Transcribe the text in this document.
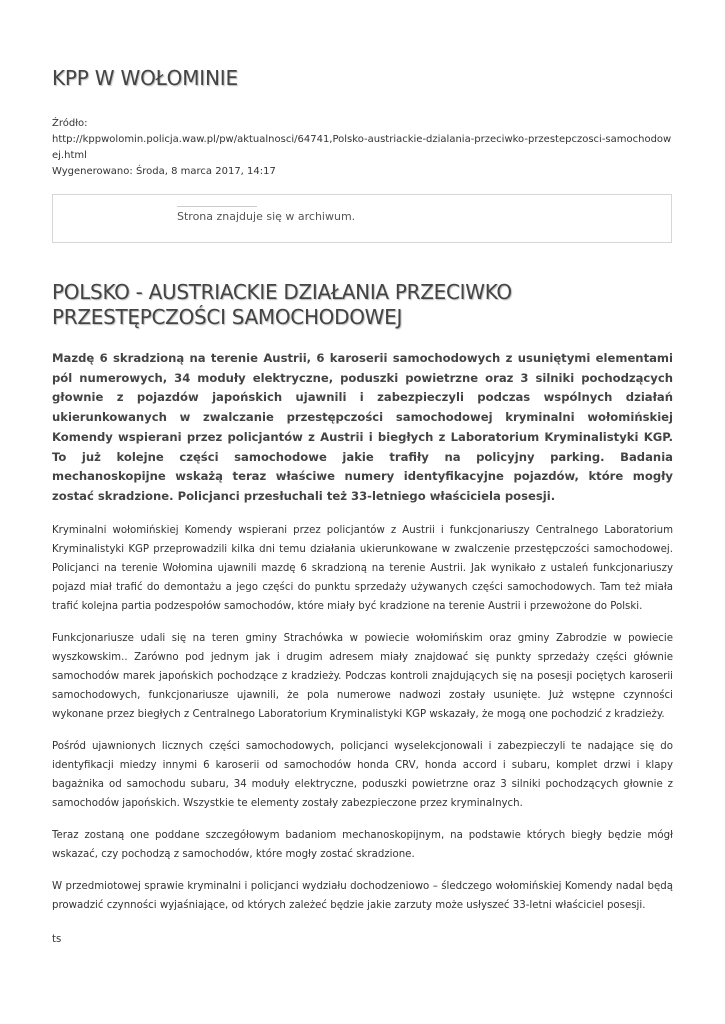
KPP W WOŁOMINIE
Źródło:
http://kppwolomin.policja.waw.pl/pw/aktualnosci/64741,Polsko-austriackie-dzialania-przeciwko-przestepczosci-samochodowej.html
Wygenerowano: Środa, 8 marca 2017, 14:17
Strona znajduje się w archiwum.
POLSKO - AUSTRIACKIE DZIAŁANIA PRZECIWKO PRZESTĘPCZOŚCI SAMOCHODOWEJ

Mazdę 6 skradzioną na terenie Austrii, 6 karoserii samochodowych z usuniętymi elementami pól numerowych, 34 moduły elektryczne, poduszki powietrzne oraz 3 silniki pochodzących głownie z pojazdów japońskich ujawnili i zabezpieczyli podczas wspólnych działań ukierunkowanych w zwalczanie przestępczości samochodowej kryminalni wołomińskiej Komendy wspierani przez policjantów z Austrii i biegłych z Laboratorium Kryminalistyki KGP. To już kolejne części samochodowe jakie trafiły na policyjny parking. Badania mechanoskopijne wskażą teraz właściwe numery identyfikacyjne pojazdów, które mogły zostać skradzione. Policjanci przesłuchali też 33-letniego właściciela posesji.

Kryminalni wołomińskiej Komendy wspierani przez policjantów z Austrii i funkcjonariuszy Centralnego Laboratorium Kryminalistyki KGP przeprowadzili kilka dni temu działania ukierunkowane w zwalczenie przestępczości samochodowej. Policjanci na terenie Wołomina ujawnili mazdę 6 skradzioną na terenie Austrii. Jak wynikało z ustaleń funkcjonariuszy pojazd miał trafić do demontażu a jego części do punktu sprzedaży używanych części samochodowych. Tam też miała trafić kolejna partia podzespołów samochodów, które miały być kradzione na terenie Austrii i przewożone do Polski.

Funkcjonariusze udali się na teren gminy Strachówka w powiecie wołomińskim oraz gminy Zabrodzie w powiecie wyszkowskim.. Zarówno pod jednym jak i drugim adresem miały znajdować się punkty sprzedaży części głównie samochodów marek japońskich pochodzące z kradzieży. Podczas kontroli znajdujących się na posesji pociętych karoserii samochodowych, funkcjonariusze ujawnili, że pola numerowe nadwozi zostały usunięte. Już wstępne czynności wykonane przez biegłych z Centralnego Laboratorium Kryminalistyki KGP wskazały, że mogą one pochodzić z kradzieży.

Pośród ujawnionych licznych części samochodowych, policjanci wyselekcjonowali i zabezpieczyli te nadające się do identyfikacji miedzy innymi 6 karoserii od samochodów honda CRV, honda accord i subaru, komplet drzwi i klapy bagażnika od samochodu subaru, 34 moduły elektryczne, poduszki powietrzne oraz 3 silniki pochodzących głownie z samochodów japońskich. Wszystkie te elementy zostały zabezpieczone przez kryminalnych.

Teraz zostaną one poddane szczegółowym badaniom mechanoskopijnym, na podstawie których biegły będzie mógł wskazać, czy pochodzą z samochodów, które mogły zostać skradzione.

W przedmiotowej sprawie kryminalni i policjanci wydziału dochodzeniowo – śledczego wołomińskiej Komendy nadal będą prowadzić czynności wyjaśniające, od których zależeć będzie jakie zarzuty może usłyszeć 33-letni właściciel posesji.

ts
